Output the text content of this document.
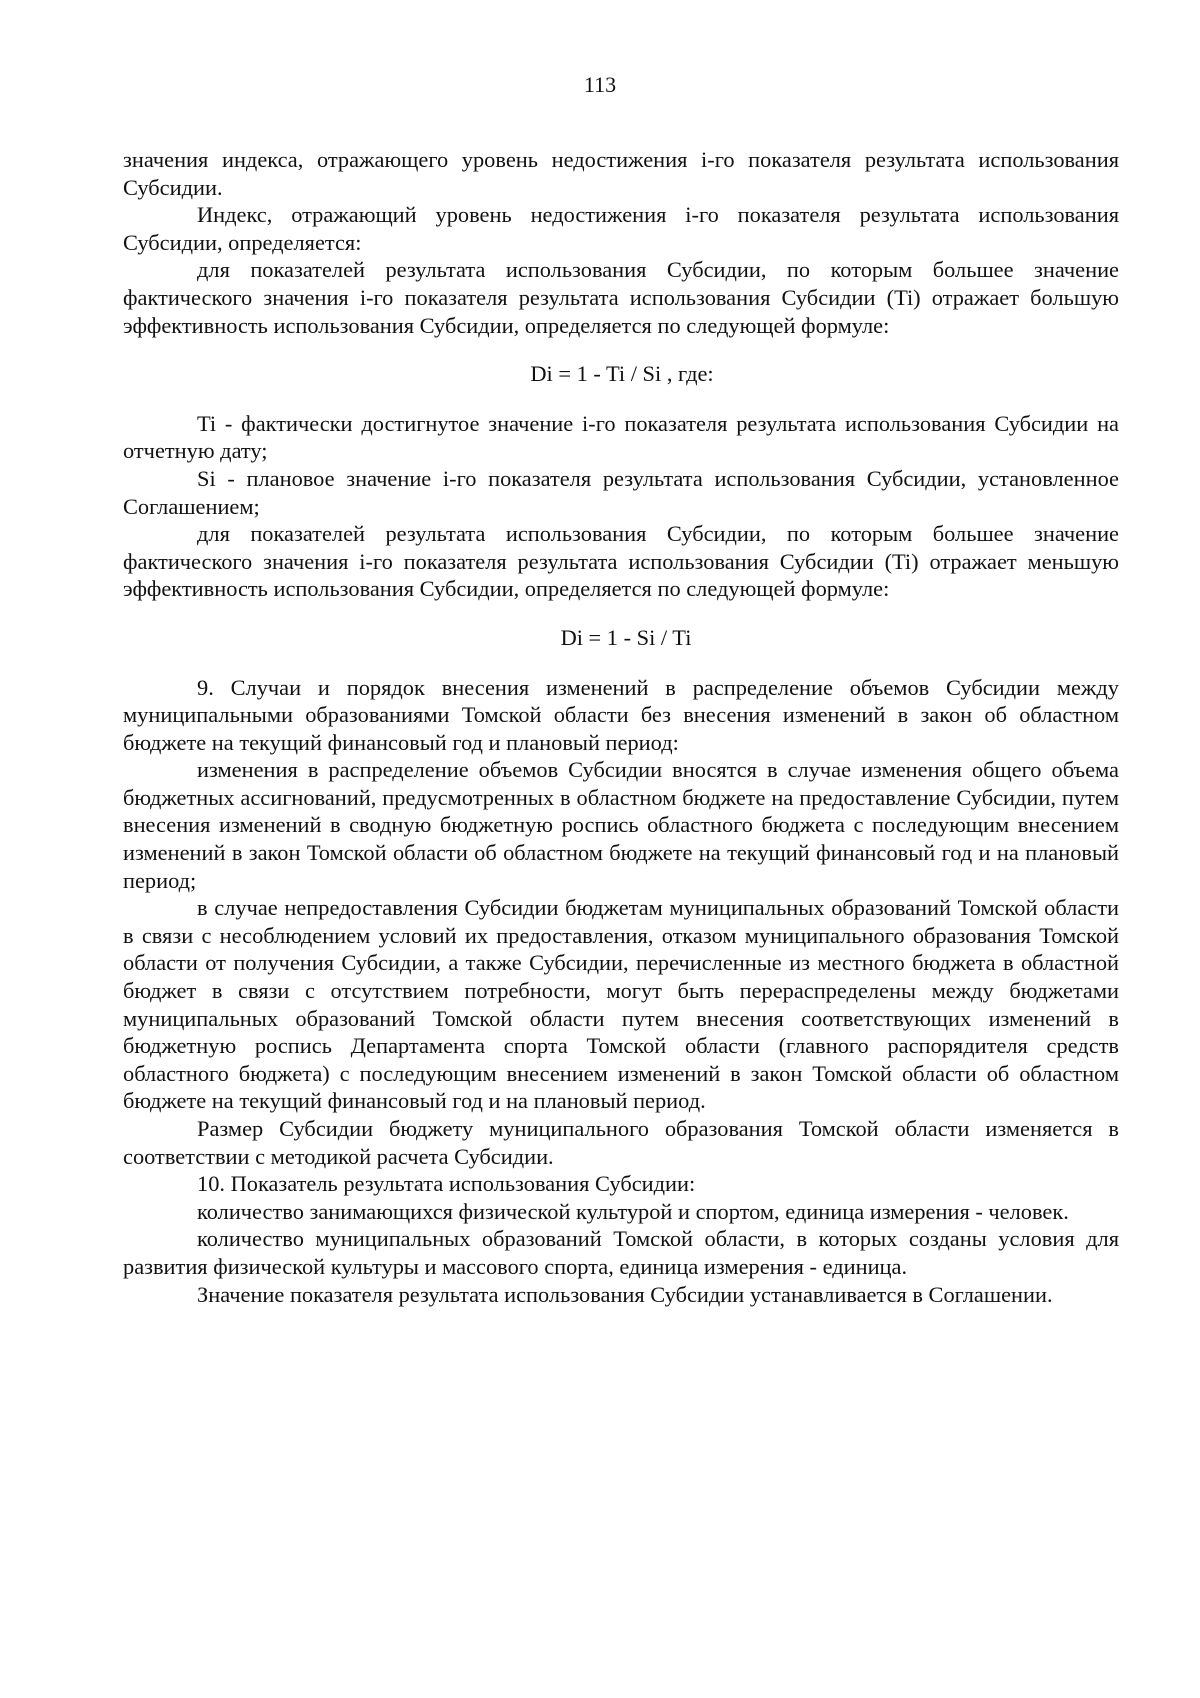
113

значения индекса, отражающего уровень недостижения i-го показателя результата использования Субсидии.

Индекс, отражающий уровень недостижения i-го показателя результата использования Субсидии, определяется:

для показателей результата использования Субсидии, по которым большее значение фактического значения i-го показателя результата использования Субсидии (Ti) отражает большую эффективность использования Субсидии, определяется по следующей формуле:

Di = 1 - Ti / Si , где:

Ti - фактически достигнутое значение i-го показателя результата использования Субсидии на отчетную дату;

Si - плановое значение i-го показателя результата использования Субсидии, установленное Соглашением;

для показателей результата использования Субсидии, по которым большее значение фактического значения i-го показателя результата использования Субсидии (Ti) отражает меньшую эффективность использования Субсидии, определяется по следующей формуле:

Di = 1 - Si / Ti

9. Случаи и порядок внесения изменений в распределение объемов Субсидии между муниципальными образованиями Томской области без внесения изменений в закон об областном бюджете на текущий финансовый год и плановый период:

изменения в распределение объемов Субсидии вносятся в случае изменения общего объема бюджетных ассигнований, предусмотренных в областном бюджете на предоставление Субсидии, путем внесения изменений в сводную бюджетную роспись областного бюджета с последующим внесением изменений в закон Томской области об областном бюджете на текущий финансовый год и на плановый период;

в случае непредоставления Субсидии бюджетам муниципальных образований Томской области в связи с несоблюдением условий их предоставления, отказом муниципального образования Томской области от получения Субсидии, а также Субсидии, перечисленные из местного бюджета в областной бюджет в связи с отсутствием потребности, могут быть перераспределены между бюджетами муниципальных образований Томской области путем внесения соответствующих изменений в бюджетную роспись Департамента спорта Томской области (главного распорядителя средств областного бюджета) с последующим внесением изменений в закон Томской области об областном бюджете на текущий финансовый год и на плановый период.

Размер Субсидии бюджету муниципального образования Томской области изменяется в соответствии с методикой расчета Субсидии.

10. Показатель результата использования Субсидии:

количество занимающихся физической культурой и спортом, единица измерения - человек.

количество муниципальных образований Томской области, в которых созданы условия для развития физической культуры и массового спорта, единица измерения - единица.

Значение показателя результата использования Субсидии устанавливается в Соглашении.
